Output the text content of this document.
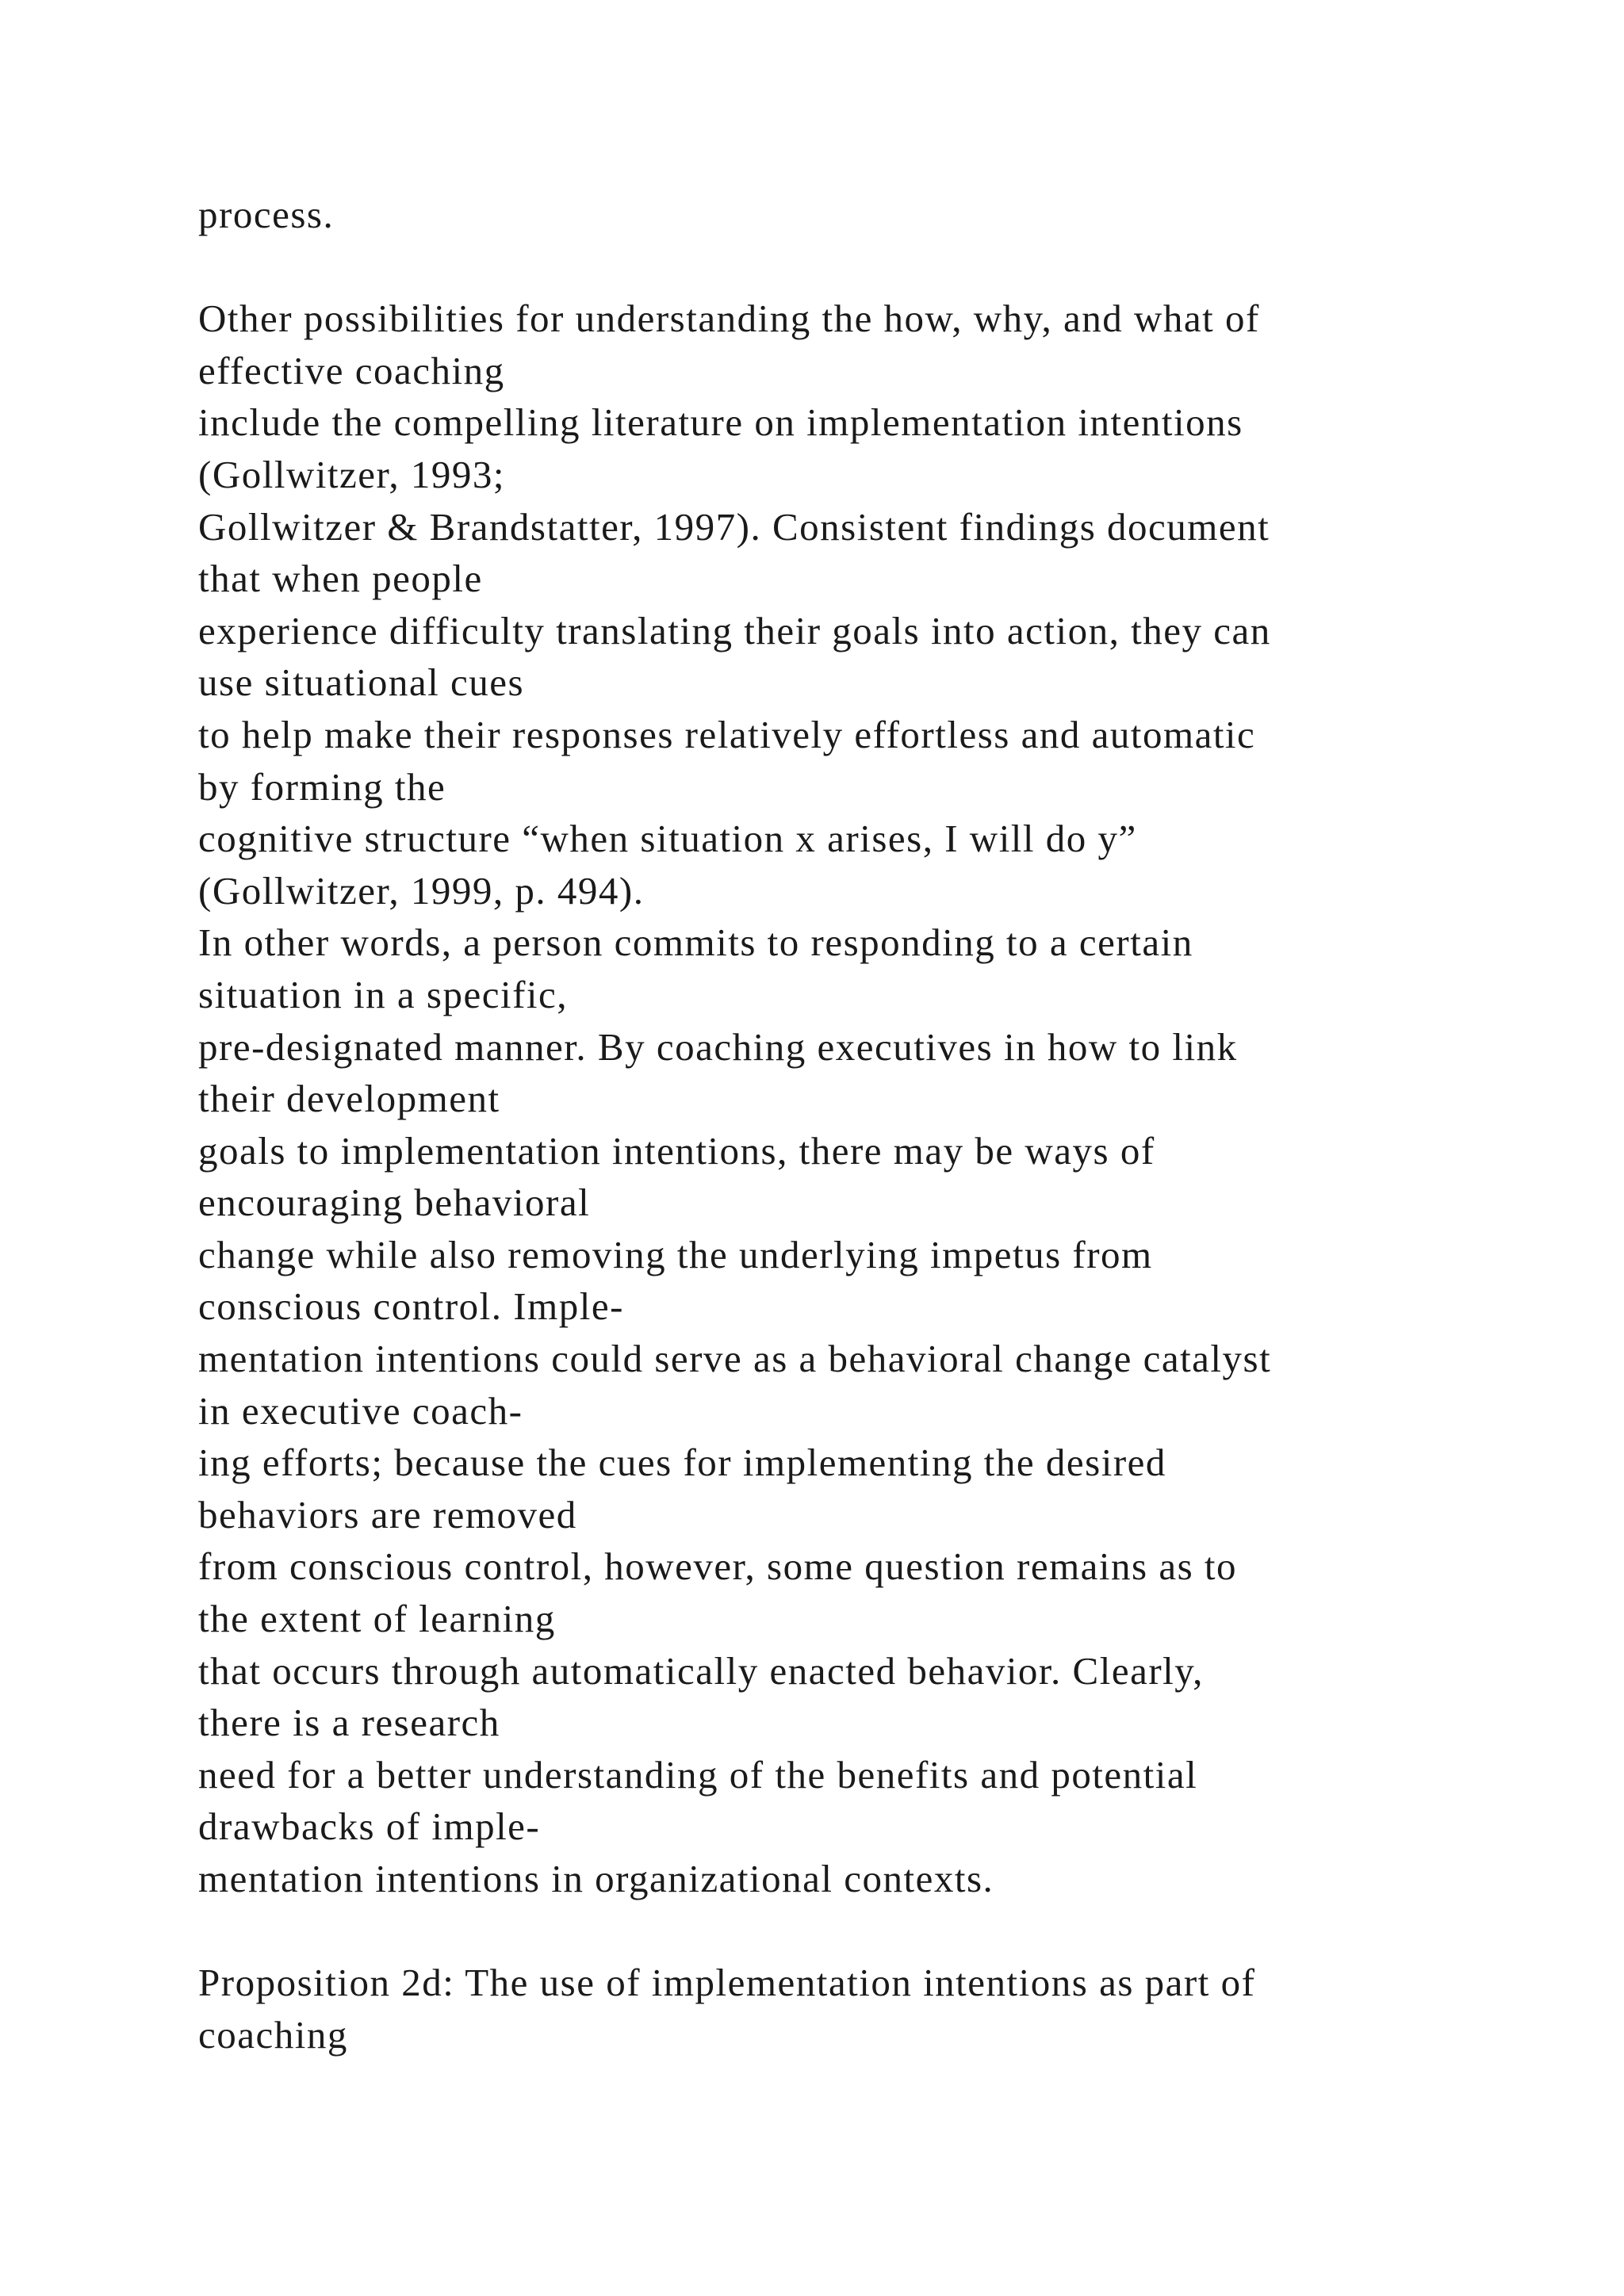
process.
Other possibilities for understanding the how, why, and what of
effective coaching
include the compelling literature on implementation intentions
(Gollwitzer, 1993;
Gollwitzer & Brandstatter, 1997). Consistent findings document
that when people
experience difficulty translating their goals into action, they can
use situational cues
to help make their responses relatively effortless and automatic
by forming the
cognitive structure “when situation x arises, I will do y”
(Gollwitzer, 1999, p. 494).
In other words, a person commits to responding to a certain
situation in a specific,
pre-designated manner. By coaching executives in how to link
their development
goals to implementation intentions, there may be ways of
encouraging behavioral
change while also removing the underlying impetus from
conscious control. Imple-
mentation intentions could serve as a behavioral change catalyst
in executive coach-
ing efforts; because the cues for implementing the desired
behaviors are removed
from conscious control, however, some question remains as to
the extent of learning
that occurs through automatically enacted behavior. Clearly,
there is a research
need for a better understanding of the benefits and potential
drawbacks of imple-
mentation intentions in organizational contexts.
Proposition 2d: The use of implementation intentions as part of
coaching
